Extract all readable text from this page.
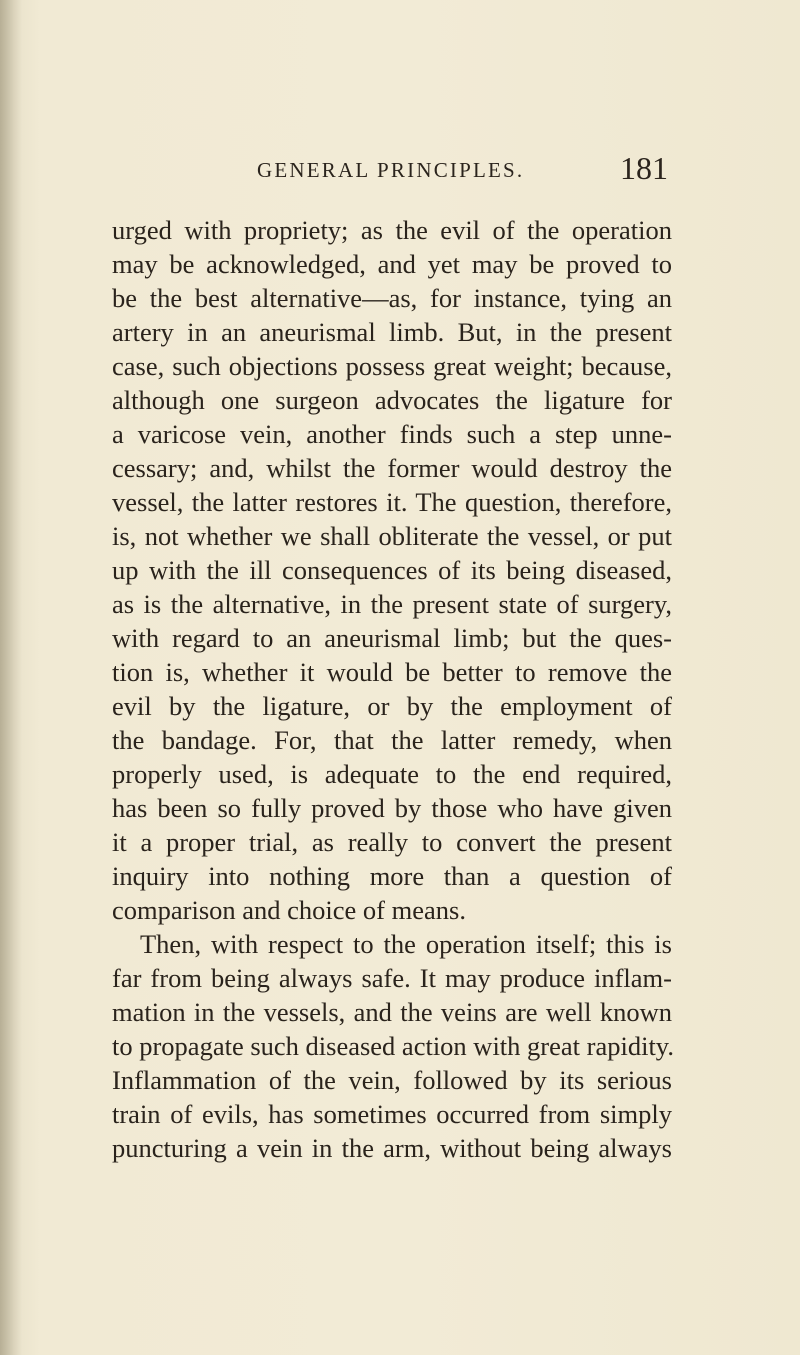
GENERAL PRINCIPLES.	181
urged with propriety; as the evil of the operation
may be acknowledged, and yet may be proved to
be the best alternative—as, for instance, tying an
artery in an aneurismal limb. But, in the present
case, such objections possess great weight; because,
although one surgeon advocates the ligature for
a varicose vein, another finds such a step unne-
cessary; and, whilst the former would destroy the
vessel, the latter restores it. The question, therefore,
is, not whether we shall obliterate the vessel, or put
up with the ill consequences of its being diseased,
as is the alternative, in the present state of surgery,
with regard to an aneurismal limb; but the ques-
tion is, whether it would be better to remove the
evil by the ligature, or by the employment of
the bandage. For, that the latter remedy, when
properly used, is adequate to the end required,
has been so fully proved by those who have given
it a proper trial, as really to convert the present
inquiry into nothing more than a question of
comparison and choice of means.
Then, with respect to the operation itself; this is
far from being always safe. It may produce inflam-
mation in the vessels, and the veins are well known
to propagate such diseased action with great rapidity.
Inflammation of the vein, followed by its serious
train of evils, has sometimes occurred from simply
puncturing a vein in the arm, without being always
